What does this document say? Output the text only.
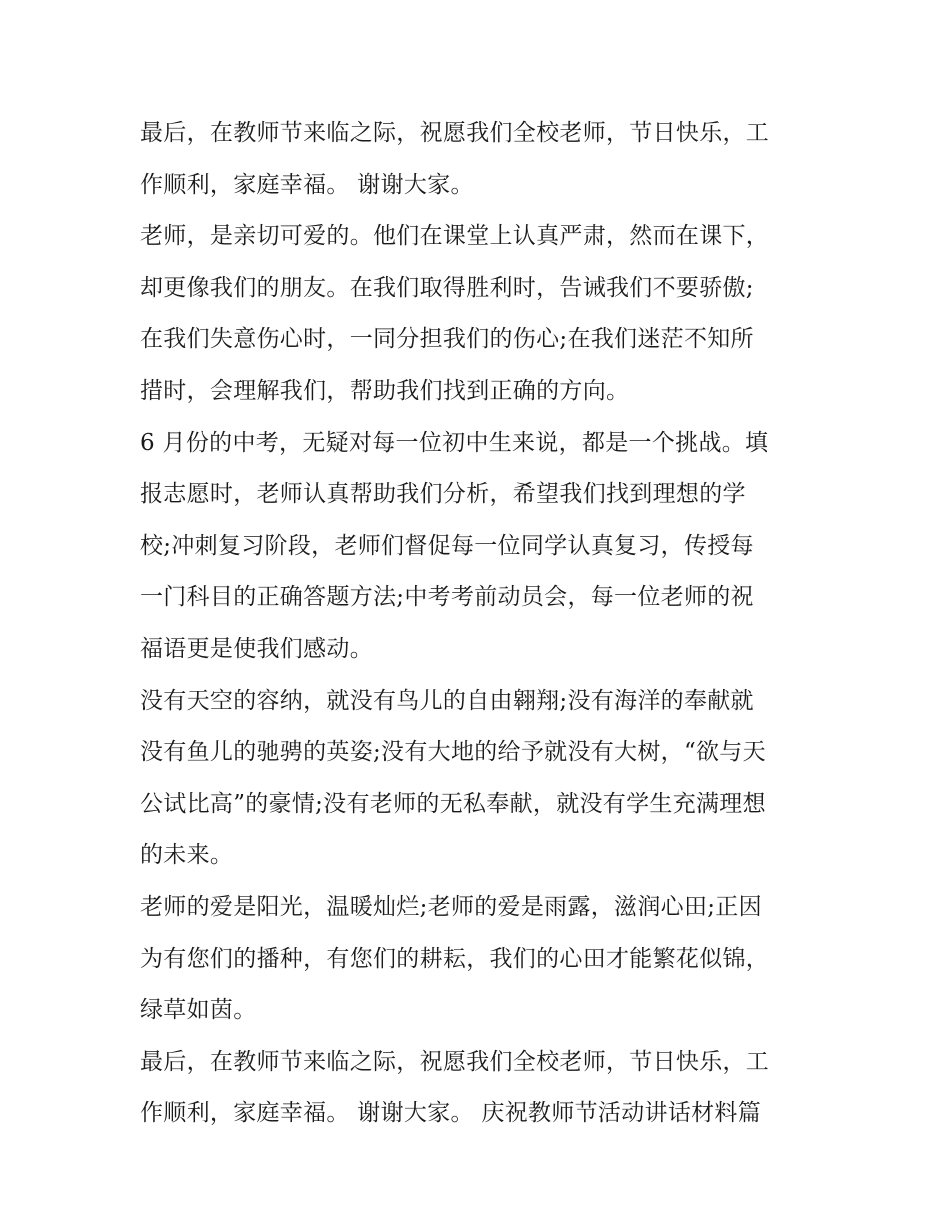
最后，在教师节来临之际，祝愿我们全校老师，节日快乐，工
作顺利，家庭幸福。 谢谢大家。

老师，是亲切可爱的。他们在课堂上认真严肃，然而在课下，
却更像我们的朋友。在我们取得胜利时，告诫我们不要骄傲;
在我们失意伤心时，一同分担我们的伤心;在我们迷茫不知所
措时，会理解我们，帮助我们找到正确的方向。

6 月份的中考，无疑对每一位初中生来说，都是一个挑战。填
报志愿时，老师认真帮助我们分析，希望我们找到理想的学
校;冲刺复习阶段，老师们督促每一位同学认真复习，传授每
一门科目的正确答题方法;中考考前动员会，每一位老师的祝
福语更是使我们感动。

没有天空的容纳，就没有鸟儿的自由翱翔;没有海洋的奉献就
没有鱼儿的驰骋的英姿;没有大地的给予就没有大树，“欲与天
公试比高”的豪情;没有老师的无私奉献，就没有学生充满理想
的未来。

老师的爱是阳光，温暖灿烂;老师的爱是雨露，滋润心田;正因
为有您们的播种，有您们的耕耘，我们的心田才能繁花似锦，
绿草如茵。

最后，在教师节来临之际，祝愿我们全校老师，节日快乐，工
作顺利，家庭幸福。 谢谢大家。 庆祝教师节活动讲话材料篇
